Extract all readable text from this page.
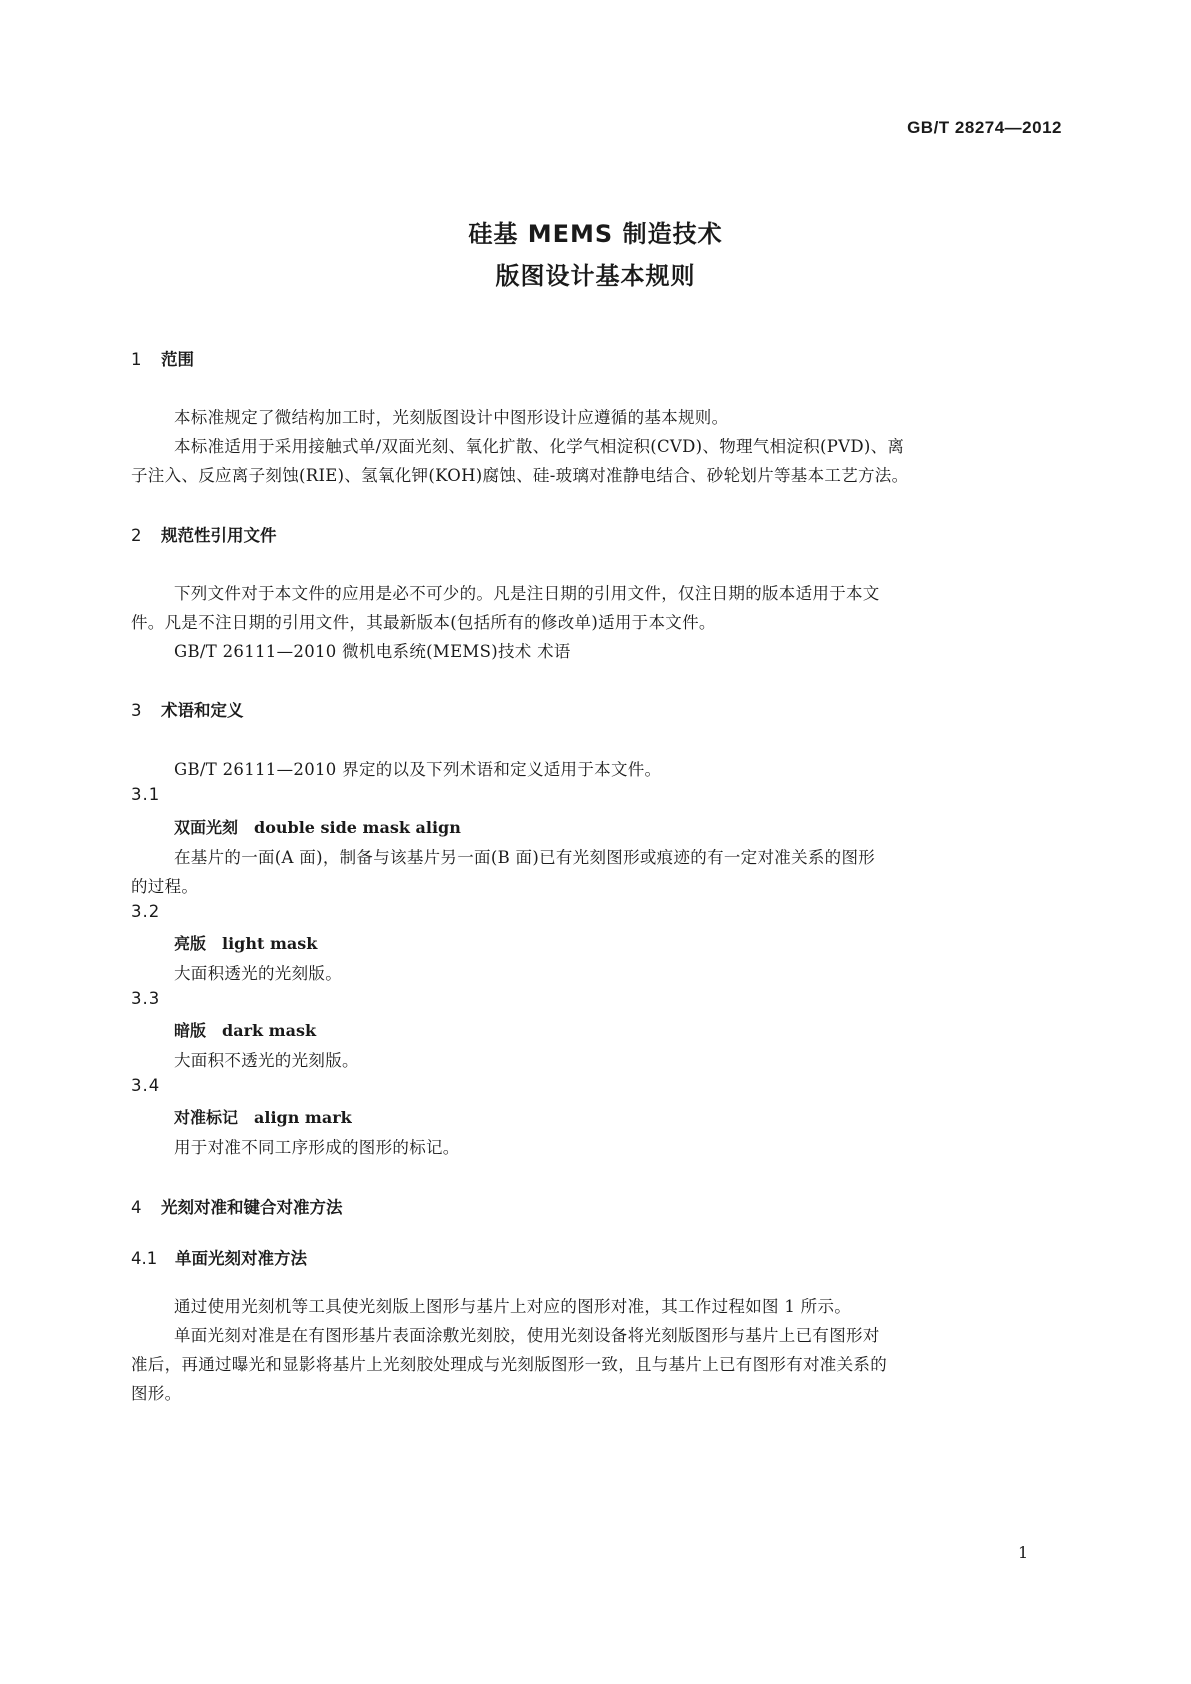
GB/T 28274—2012
硅基 MEMS 制造技术
版图设计基本规则
1 范围
本标准规定了微结构加工时，光刻版图设计中图形设计应遵循的基本规则。
本标准适用于采用接触式单/双面光刻、氧化扩散、化学气相淀积(CVD)、物理气相淀积(PVD)、离
子注入、反应离子刻蚀(RIE)、氢氧化钾(KOH)腐蚀、硅-玻璃对准静电结合、砂轮划片等基本工艺方法。
2 规范性引用文件
下列文件对于本文件的应用是必不可少的。凡是注日期的引用文件，仅注日期的版本适用于本文
件。凡是不注日期的引用文件，其最新版本(包括所有的修改单)适用于本文件。
GB/T 26111—2010 微机电系统(MEMS)技术 术语
3 术语和定义
GB/T 26111—2010 界定的以及下列术语和定义适用于本文件。
3.1
双面光刻 double side mask align
在基片的一面(A 面)，制备与该基片另一面(B 面)已有光刻图形或痕迹的有一定对准关系的图形
的过程。
3.2
亮版 light mask
大面积透光的光刻版。
3.3
暗版 dark mask
大面积不透光的光刻版。
3.4
对准标记 align mark
用于对准不同工序形成的图形的标记。
4 光刻对准和键合对准方法
4.1 单面光刻对准方法
通过使用光刻机等工具使光刻版上图形与基片上对应的图形对准，其工作过程如图 1 所示。
单面光刻对准是在有图形基片表面涂敷光刻胶，使用光刻设备将光刻版图形与基片上已有图形对
准后，再通过曝光和显影将基片上光刻胶处理成与光刻版图形一致，且与基片上已有图形有对准关系的
图形。
1
